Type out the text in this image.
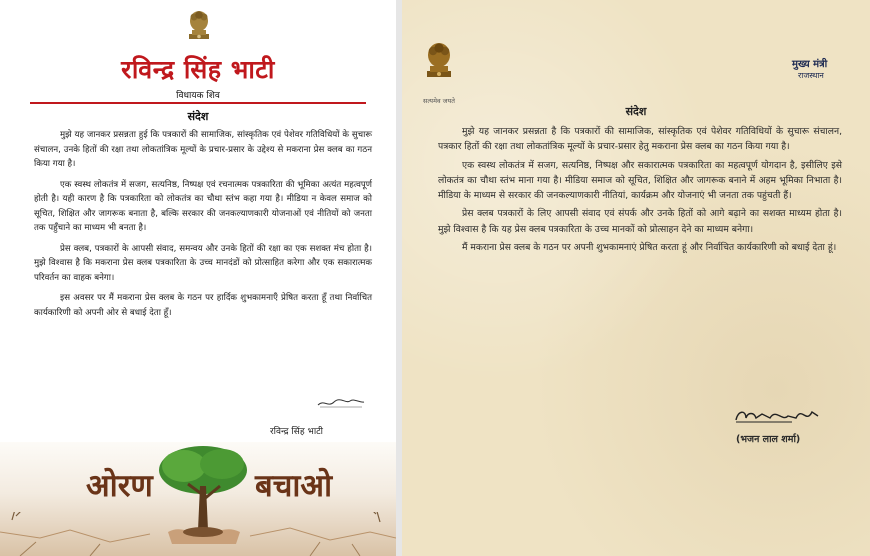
रविन्द्र सिंह भाटी
विधायक शिव
संदेश

मुझे यह जानकर प्रसन्नता हुई कि पत्रकारों की सामाजिक, सांस्कृतिक एवं पेशेवर गतिविधियों के सुचारू संचालन, उनके हितों की रक्षा तथा लोकतांत्रिक मूल्यों के प्रचार-प्रसार के उद्देश्य से मकराना प्रेस क्लब का गठन किया गया है।

एक स्वस्थ लोकतंत्र में सजग, सत्यनिष्ठ, निष्पक्ष एवं रचनात्मक पत्रकारिता की भूमिका अत्यंत महत्वपूर्ण होती है। यही कारण है कि पत्रकारिता को लोकतंत्र का चौथा स्तंभ कहा गया है। मीडिया न केवल समाज को सूचित, शिक्षित और जागरूक बनाता है, बल्कि सरकार की जनकल्याणकारी योजनाओं एवं नीतियों को जनता तक पहुँचाने का माध्यम भी बनता है।

प्रेस क्लब, पत्रकारों के आपसी संवाद, समन्वय और उनके हितों की रक्षा का एक सशक्त मंच होता है। मुझे विश्वास है कि मकराना प्रेस क्लब पत्रकारिता के उच्च मानदंडों को प्रोत्साहित करेगा और एक सकारात्मक परिवर्तन का वाहक बनेगा।

इस अवसर पर मैं मकराना प्रेस क्लब के गठन पर हार्दिक शुभकामनाएँ प्रेषित करता हूँ तथा निर्वाचित कार्यकारिणी को अपनी ओर से बधाई देता हूँ।

रविन्द्र सिंह भाटी
ओरण	बचाओ
सत्यमेव जयते
मुख्य मंत्री
राजस्थान
संदेश

मुझे यह जानकर प्रसन्नता है कि पत्रकारों की सामाजिक, सांस्कृतिक एवं पेशेवर गतिविधियों के सुचारू संचालन, पत्रकार हितों की रक्षा तथा लोकतांत्रिक मूल्यों के प्रचार-प्रसार हेतु मकराना प्रेस क्लब का गठन किया गया है।

एक स्वस्थ लोकतंत्र में सजग, सत्यनिष्ठ, निष्पक्ष और सकारात्मक पत्रकारिता का महत्वपूर्ण योगदान है, इसीलिए इसे लोकतंत्र का चौथा स्तंभ माना गया है। मीडिया समाज को सूचित, शिक्षित और जागरूक बनाने में अहम भूमिका निभाता है। मीडिया के माध्यम से सरकार की जनकल्याणकारी नीतियां, कार्यक्रम और योजनाएं भी जनता तक पहुंचती हैं।

प्रेस क्लब पत्रकारों के लिए आपसी संवाद एवं संपर्क और उनके हितों को आगे बढ़ाने का सशक्त माध्यम होता है। मुझे विश्वास है कि यह प्रेस क्लब पत्रकारिता के उच्च मानकों को प्रोत्साहन देने का माध्यम बनेगा।

मैं मकराना प्रेस क्लब के गठन पर अपनी शुभकामनाएं प्रेषित करता हूं और निर्वाचित कार्यकारिणी को बधाई देता हूं।

(भजन लाल शर्मा)
